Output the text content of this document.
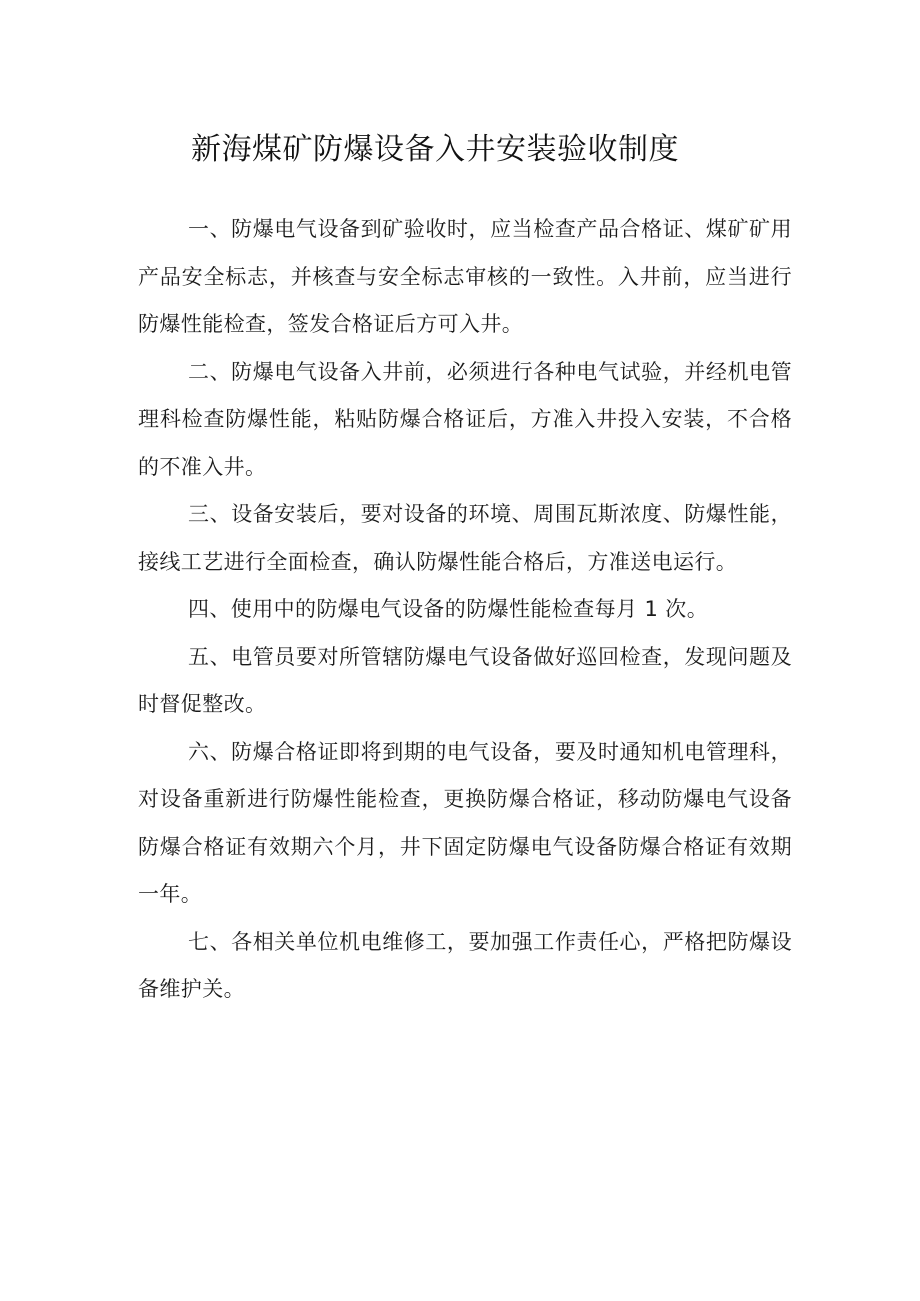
新海煤矿防爆设备入井安装验收制度

一、防爆电气设备到矿验收时，应当检查产品合格证、煤矿矿用产品安全标志，并核查与安全标志审核的一致性。入井前，应当进行防爆性能检查，签发合格证后方可入井。

二、防爆电气设备入井前，必须进行各种电气试验，并经机电管理科检查防爆性能，粘贴防爆合格证后，方准入井投入安装，不合格的不准入井。

三、设备安装后，要对设备的环境、周围瓦斯浓度、防爆性能，接线工艺进行全面检查，确认防爆性能合格后，方准送电运行。

四、使用中的防爆电气设备的防爆性能检查每月 1 次。

五、电管员要对所管辖防爆电气设备做好巡回检查，发现问题及时督促整改。

六、防爆合格证即将到期的电气设备，要及时通知机电管理科，对设备重新进行防爆性能检查，更换防爆合格证，移动防爆电气设备防爆合格证有效期六个月，井下固定防爆电气设备防爆合格证有效期一年。

七、各相关单位机电维修工，要加强工作责任心，严格把防爆设备维护关。
